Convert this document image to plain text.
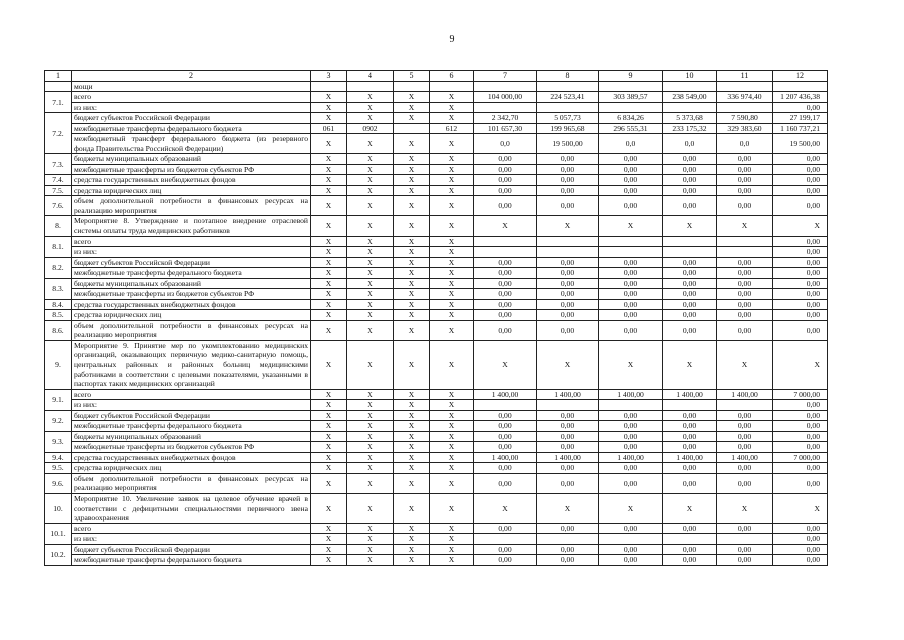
9
1	2	3	4	5	6	7	8	9	10	11	12
	мощи										
7.1.	всего	X	X	X	X	104 000,00	224 523,41	303 389,57	238 549,00	336 974,40	1 207 436,38
	из них:	X	X	X	X						0,00
7.2.	бюджет субъектов Российской Федерации	X	X	X	X	2 342,70	5 057,73	6 834,26	5 373,68	7 590,80	27 199,17
	межбюджетные трансферты федерального бюджета	061	0902		612	101 657,30	199 965,68	296 555,31	233 175,32	329 383,60	1 160 737,21
	межбюджетный трансферт федерального бюджета (из резервного фонда Правительства Российской Федерации)	X	X	X	X	0,0	19 500,00	0,0	0,0	0,0	19 500,00
7.3.	бюджеты муниципальных образований	X	X	X	X	0,00	0,00	0,00	0,00	0,00	0,00
	межбюджетные трансферты из бюджетов субъектов РФ	X	X	X	X	0,00	0,00	0,00	0,00	0,00	0,00
7.4.	средства государственных внебюджетных фондов	X	X	X	X	0,00	0,00	0,00	0,00	0,00	0,00
7.5.	средства юридических лиц	X	X	X	X	0,00	0,00	0,00	0,00	0,00	0,00
7.6.	объем дополнительной потребности в финансовых ресурсах на реализацию мероприятия	X	X	X	X	0,00	0,00	0,00	0,00	0,00	0,00
8.	Мероприятие 8. Утверждение и поэтапное внедрение отраслевой системы оплаты труда медицинских работников	X	X	X	X	X	X	X	X	X	X
8.1.	всего	X	X	X	X						0,00
	из них:	X	X	X	X						0,00
8.2.	бюджет субъектов Российской Федерации	X	X	X	X	0,00	0,00	0,00	0,00	0,00	0,00
	межбюджетные трансферты федерального бюджета	X	X	X	X	0,00	0,00	0,00	0,00	0,00	0,00
8.3.	бюджеты муниципальных образований	X	X	X	X	0,00	0,00	0,00	0,00	0,00	0,00
	межбюджетные трансферты из бюджетов субъектов РФ	X	X	X	X	0,00	0,00	0,00	0,00	0,00	0,00
8.4.	средства государственных внебюджетных фондов	X	X	X	X	0,00	0,00	0,00	0,00	0,00	0,00
8.5.	средства юридических лиц	X	X	X	X	0,00	0,00	0,00	0,00	0,00	0,00
8.6.	объем дополнительной потребности в финансовых ресурсах на реализацию мероприятия	X	X	X	X	0,00	0,00	0,00	0,00	0,00	0,00
9.	Мероприятие 9. Принятие мер по укомплектованию медицинских организаций, оказывающих первичную медико-санитарную помощь, центральных районных и районных больниц медицинскими работниками в соответствии с целевыми показателями, указанными в паспортах таких медицинских организаций	X	X	X	X	X	X	X	X	X	X
9.1.	всего	X	X	X	X	1 400,00	1 400,00	1 400,00	1 400,00	1 400,00	7 000,00
	из них:	X	X	X	X						0,00
9.2.	бюджет субъектов Российской Федерации	X	X	X	X	0,00	0,00	0,00	0,00	0,00	0,00
	межбюджетные трансферты федерального бюджета	X	X	X	X	0,00	0,00	0,00	0,00	0,00	0,00
9.3.	бюджеты муниципальных образований	X	X	X	X	0,00	0,00	0,00	0,00	0,00	0,00
	межбюджетные трансферты из бюджетов субъектов РФ	X	X	X	X	0,00	0,00	0,00	0,00	0,00	0,00
9.4.	средства государственных внебюджетных фондов	X	X	X	X	1 400,00	1 400,00	1 400,00	1 400,00	1 400,00	7 000,00
9.5.	средства юридических лиц	X	X	X	X	0,00	0,00	0,00	0,00	0,00	0,00
9.6.	объем дополнительной потребности в финансовых ресурсах на реализацию мероприятия	X	X	X	X	0,00	0,00	0,00	0,00	0,00	0,00
10.	Мероприятие 10. Увеличение заявок на целевое обучение врачей в соответствии с дефицитными специальностями первичного звена здравоохранения	X	X	X	X	X	X	X	X	X	X
10.1.	всего	X	X	X	X	0,00	0,00	0,00	0,00	0,00	0,00
	из них:	X	X	X	X						0,00
10.2.	бюджет субъектов Российской Федерации	X	X	X	X	0,00	0,00	0,00	0,00	0,00	0,00
	межбюджетные трансферты федерального бюджета	X	X	X	X	0,00	0,00	0,00	0,00	0,00	0,00
